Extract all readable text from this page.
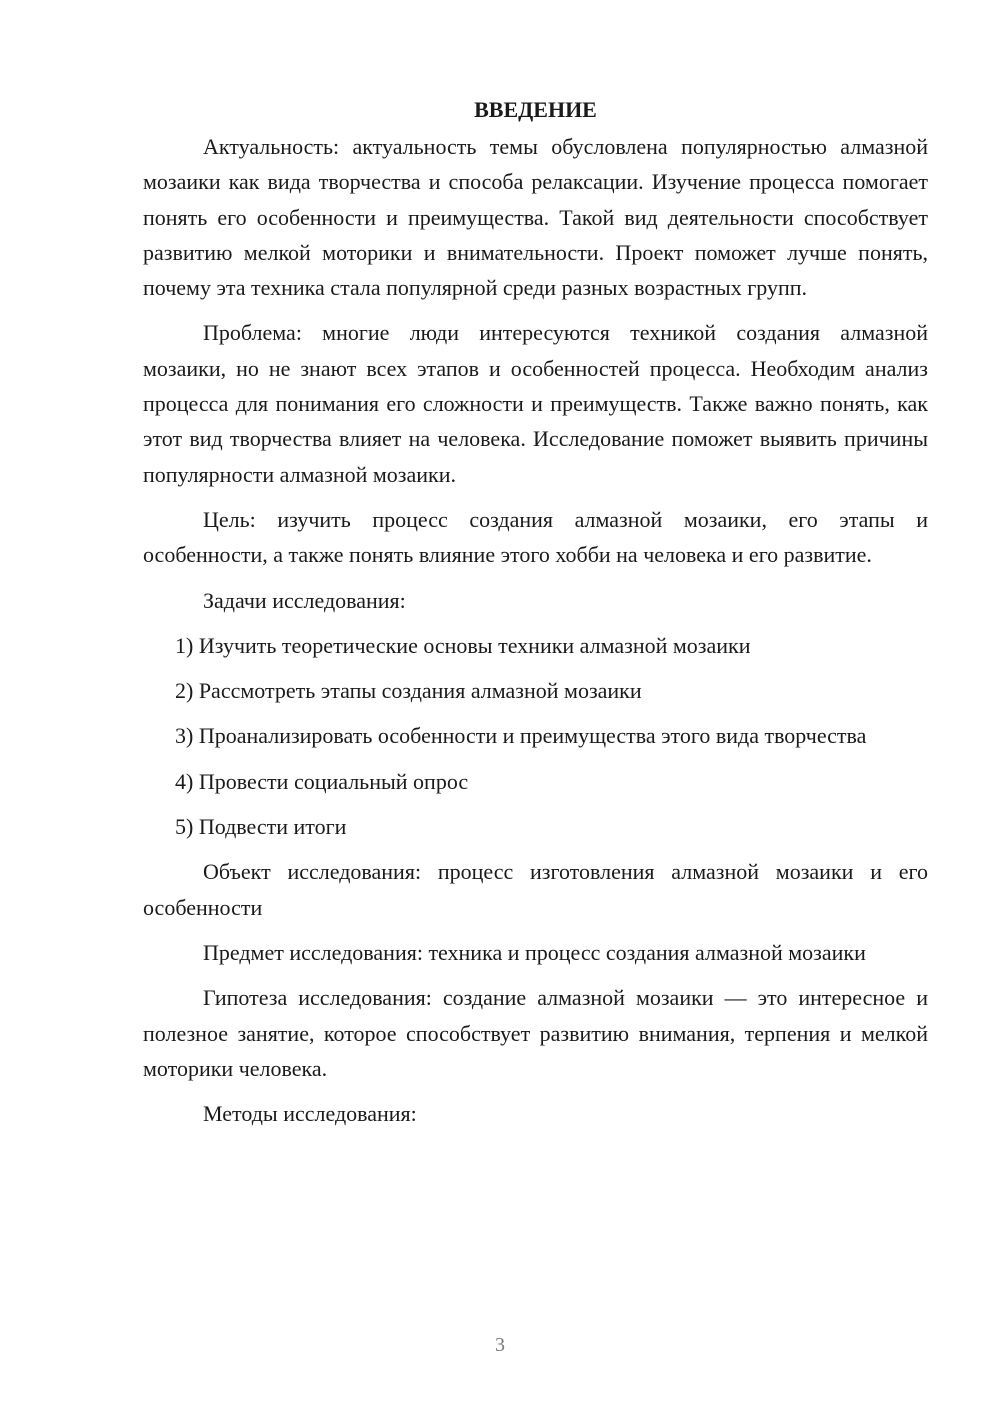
ВВЕДЕНИЕ

Актуальность: актуальность темы обусловлена популярностью алмазной мозаики как вида творчества и способа релаксации. Изучение процесса помогает понять его особенности и преимущества. Такой вид деятельности способствует развитию мелкой моторики и внимательности. Проект поможет лучше понять, почему эта техника стала популярной среди разных возрастных групп.

Проблема: многие люди интересуются техникой создания алмазной мозаики, но не знают всех этапов и особенностей процесса. Необходим анализ процесса для понимания его сложности и преимуществ. Также важно понять, как этот вид творчества влияет на человека. Исследование поможет выявить причины популярности алмазной мозаики.

Цель: изучить процесс создания алмазной мозаики, его этапы и особенности, а также понять влияние этого хобби на человека и его развитие.

Задачи исследования:

1) Изучить теоретические основы техники алмазной мозаики

2) Рассмотреть этапы создания алмазной мозаики

3) Проанализировать особенности и преимущества этого вида творчества

4) Провести социальный опрос

5) Подвести итоги

Объект исследования: процесс изготовления алмазной мозаики и его особенности

Предмет исследования: техника и процесс создания алмазной мозаики

Гипотеза исследования: создание алмазной мозаики — это интересное и полезное занятие, которое способствует развитию внимания, терпения и мелкой моторики человека.

Методы исследования:

3
